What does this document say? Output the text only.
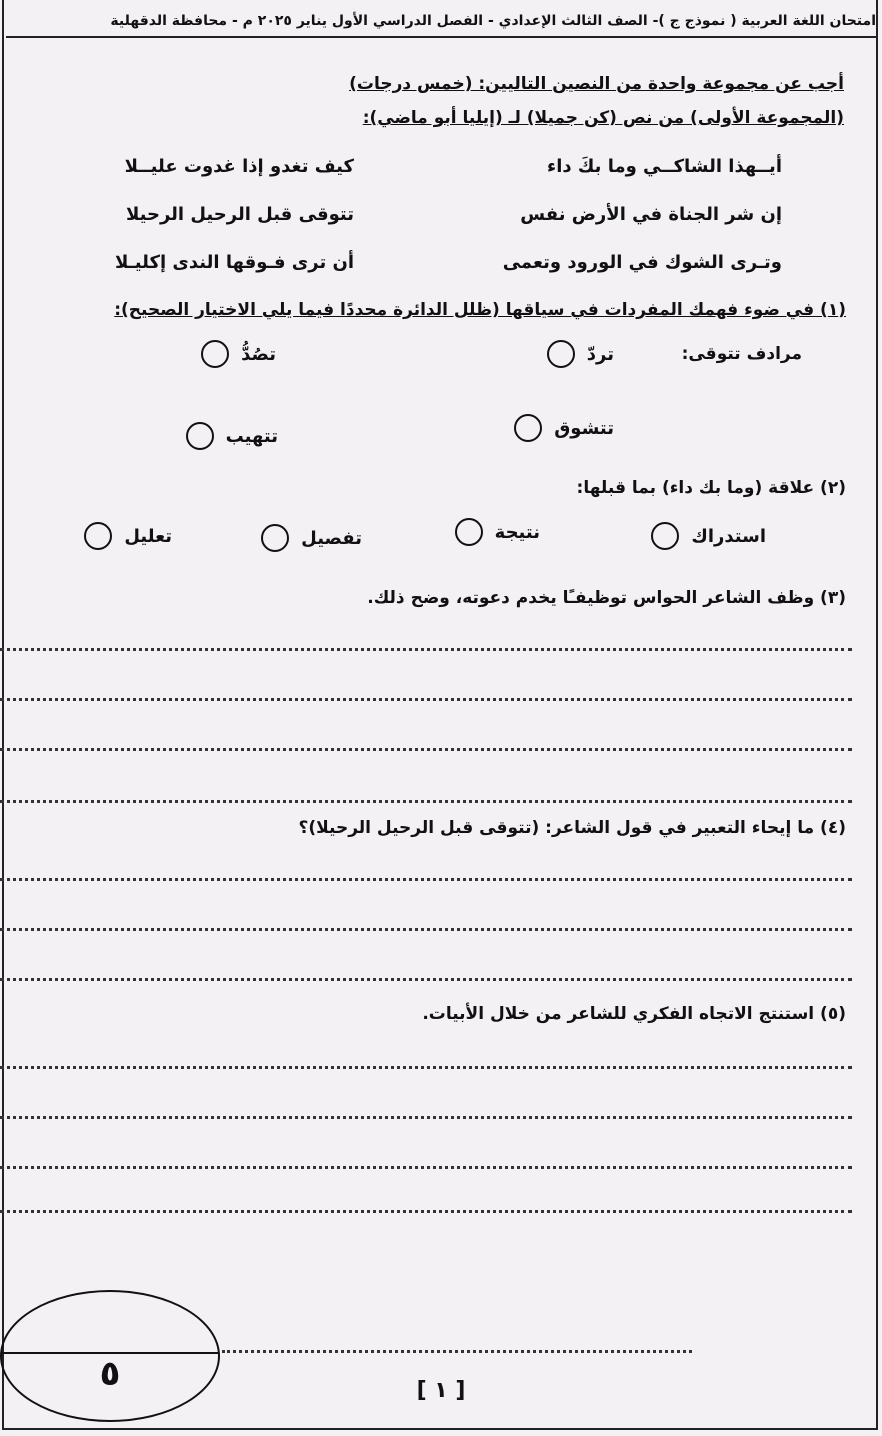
امتحان اللغة العربية ( نموذج ج )- الصف الثالث الإعدادي - الفصل الدراسي الأول يناير ٢٠٢٥ م - محافظة الدقهلية
أجب عن مجموعة واحدة من النصين التاليين: (خمس درجات)
(المجموعة الأولى) من نص (كن جميلا) لـ (إيليا أبو ماضي):
أيــهذا الشاكــي وما بكَ داء
كيف تغدو إذا غدوت عليــلا
إن شر الجناة في الأرض نفس
تتوقى قبل الرحيل الرحيلا
وتـرى الشوك في الورود وتعمى
أن ترى فـوقها الندى إكليـلا
(١) في ضوء فهمك المفردات في سياقها (ظلل الدائرة محددًا فيما يلي الاختيار الصحيح):
مرادف تتوقى:
تردّ
تصُدُّ
تتشوق
تتهيب
(٢) علاقة (وما بك داء) بما قبلها:
استدراك
نتيجة
تفصيل
تعليل
(٣) وظف الشاعر الحواس توظيفـًا يخدم دعوته، وضح ذلك.
(٤) ما إيحاء التعبير في قول الشاعر: (تتوقى قبل الرحيل الرحيلا)؟
(٥) استنتج الاتجاه الفكري للشاعر من خلال الأبيات.
٥	[ ١ ]
